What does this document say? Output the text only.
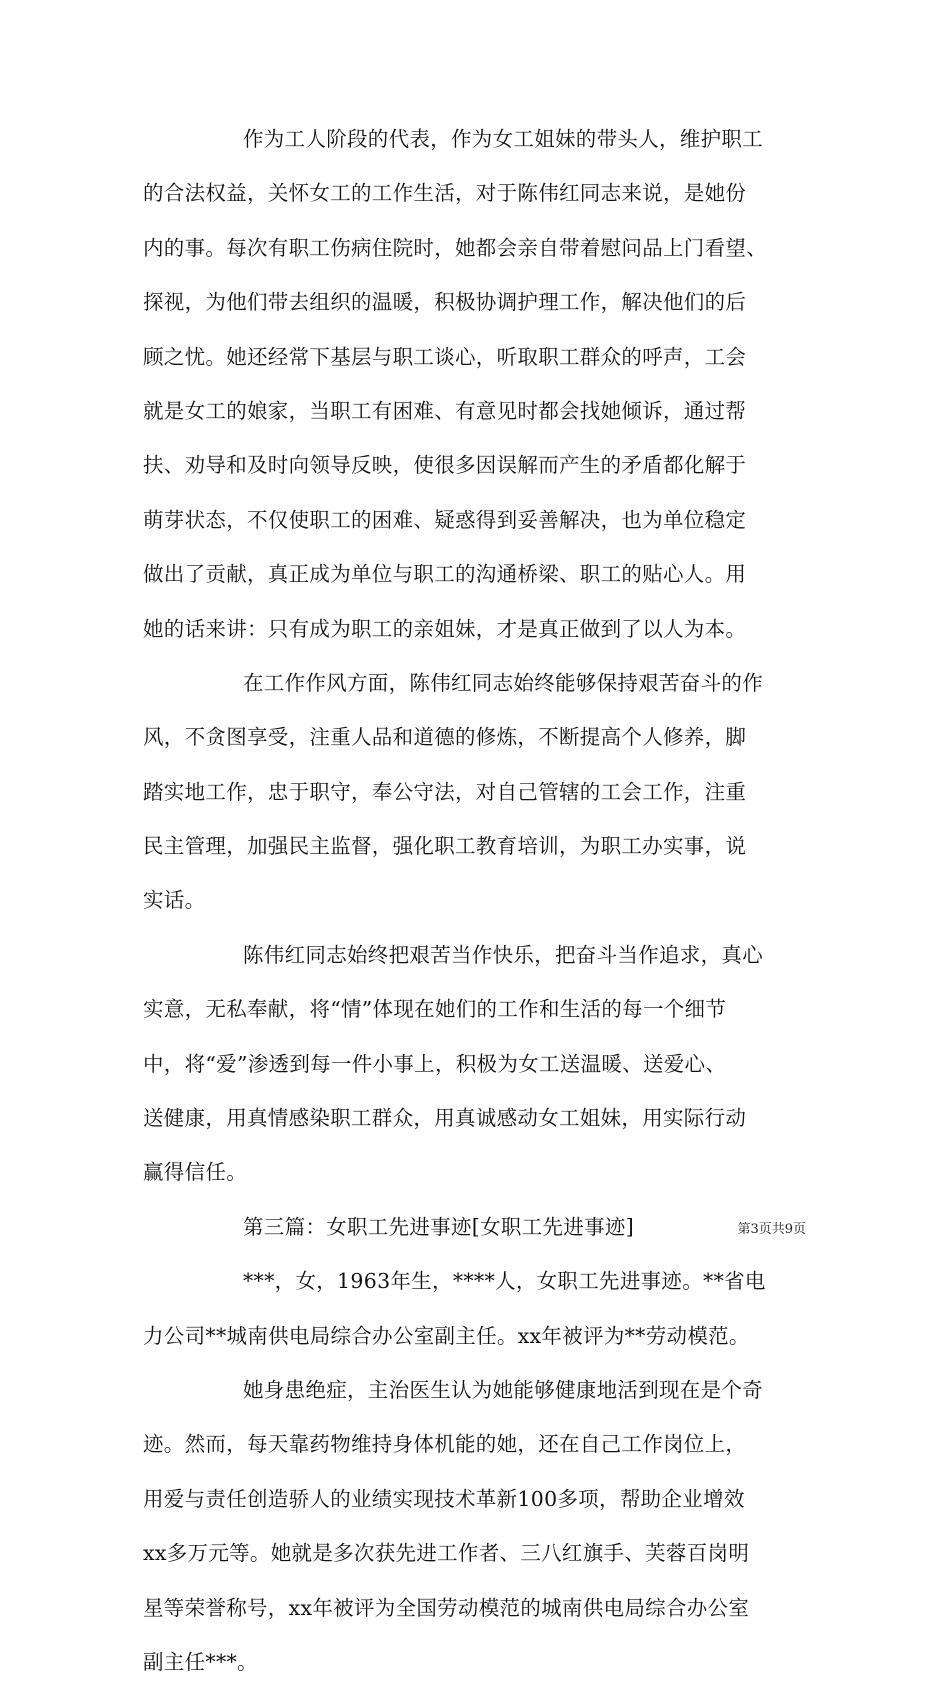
作为工人阶段的代表，作为女工姐妹的带头人，维护职工
的合法权益，关怀女工的工作生活，对于陈伟红同志来说，是她份
内的事。每次有职工伤病住院时，她都会亲自带着慰问品上门看望、
探视，为他们带去组织的温暖，积极协调护理工作，解决他们的后
顾之忧。她还经常下基层与职工谈心，听取职工群众的呼声，工会
就是女工的娘家，当职工有困难、有意见时都会找她倾诉，通过帮
扶、劝导和及时向领导反映，使很多因误解而产生的矛盾都化解于
萌芽状态，不仅使职工的困难、疑惑得到妥善解决，也为单位稳定
做出了贡献，真正成为单位与职工的沟通桥梁、职工的贴心人。用
她的话来讲：只有成为职工的亲姐妹，才是真正做到了以人为本。
在工作作风方面，陈伟红同志始终能够保持艰苦奋斗的作
风，不贪图享受，注重人品和道德的修炼，不断提高个人修养，脚
踏实地工作，忠于职守，奉公守法，对自己管辖的工会工作，注重
民主管理，加强民主监督，强化职工教育培训，为职工办实事，说
实话。
陈伟红同志始终把艰苦当作快乐，把奋斗当作追求，真心
实意，无私奉献，将“情”体现在她们的工作和生活的每一个细节
中，将“爱”渗透到每一件小事上，积极为女工送温暖、送爱心、
送健康，用真情感染职工群众，用真诚感动女工姐妹，用实际行动
赢得信任。
第三篇：女职工先进事迹[女职工先进事迹]
***，女，1963年生，****人，女职工先进事迹。**省电
力公司**城南供电局综合办公室副主任。xx年被评为**劳动模范。
她身患绝症，主治医生认为她能够健康地活到现在是个奇
迹。然而，每天靠药物维持身体机能的她，还在自己工作岗位上，
用爱与责任创造骄人的业绩实现技术革新100多项，帮助企业增效
xx多万元等。她就是多次获先进工作者、三八红旗手、芙蓉百岗明
星等荣誉称号，xx年被评为全国劳动模范的城南供电局综合办公室
副主任***。
第3页共9页
